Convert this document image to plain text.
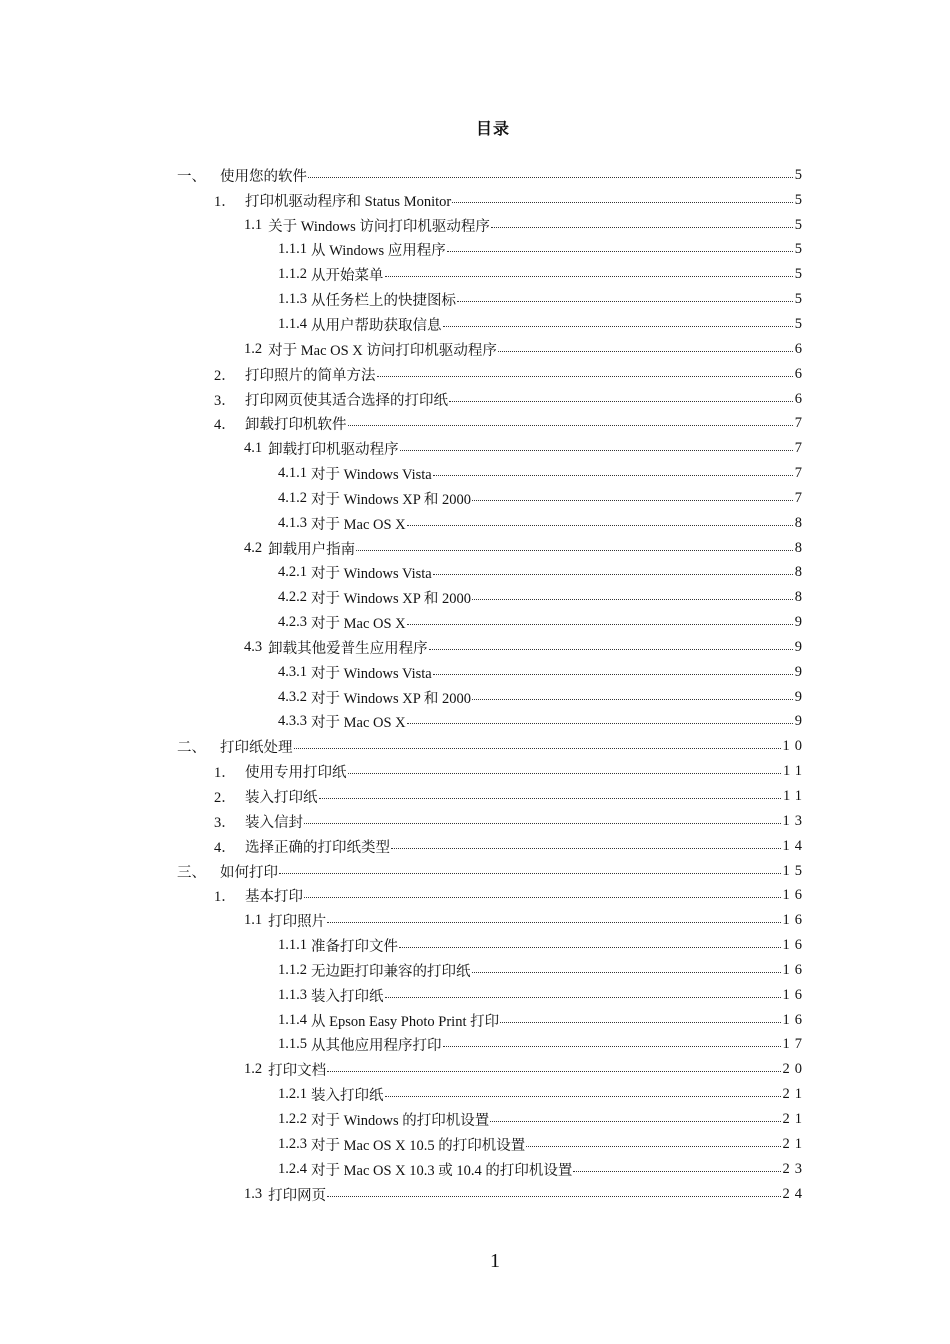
目录
一、 使用您的软件	5
1． 打印机驱动程序和 Status Monitor	5
1.1 关于 Windows 访问打印机驱动程序	5
1.1.1 从 Windows 应用程序	5
1.1.2 从开始菜单	5
1.1.3 从任务栏上的快捷图标	5
1.1.4 从用户帮助获取信息	5
1.2 对于 Mac OS X 访问打印机驱动程序	6
2． 打印照片的简单方法	6
3． 打印网页使其适合选择的打印纸	6
4． 卸载打印机软件	7
4.1 卸载打印机驱动程序	7
4.1.1 对于 Windows Vista	7
4.1.2 对于 Windows XP 和 2000	7
4.1.3 对于 Mac OS X	8
4.2 卸载用户指南	8
4.2.1 对于 Windows Vista	8
4.2.2 对于 Windows XP 和 2000	8
4.2.3 对于 Mac OS X	9
4.3 卸载其他爱普生应用程序	9
4.3.1 对于 Windows Vista	9
4.3.2 对于 Windows XP 和 2000	9
4.3.3 对于 Mac OS X	9
二、 打印纸处理	10
1． 使用专用打印纸	11
2． 装入打印纸	11
3． 装入信封	13
4． 选择正确的打印纸类型	14
三、 如何打印	15
1． 基本打印	16
1.1 打印照片	16
1.1.1 准备打印文件	16
1.1.2 无边距打印兼容的打印纸	16
1.1.3 装入打印纸	16
1.1.4 从 Epson Easy Photo Print 打印	16
1.1.5 从其他应用程序打印	17
1.2 打印文档	20
1.2.1 装入打印纸	21
1.2.2 对于 Windows 的打印机设置	21
1.2.3 对于 Mac OS X 10.5 的打印机设置	21
1.2.4 对于 Mac OS X 10.3 或 10.4 的打印机设置	23
1.3 打印网页	24
1
